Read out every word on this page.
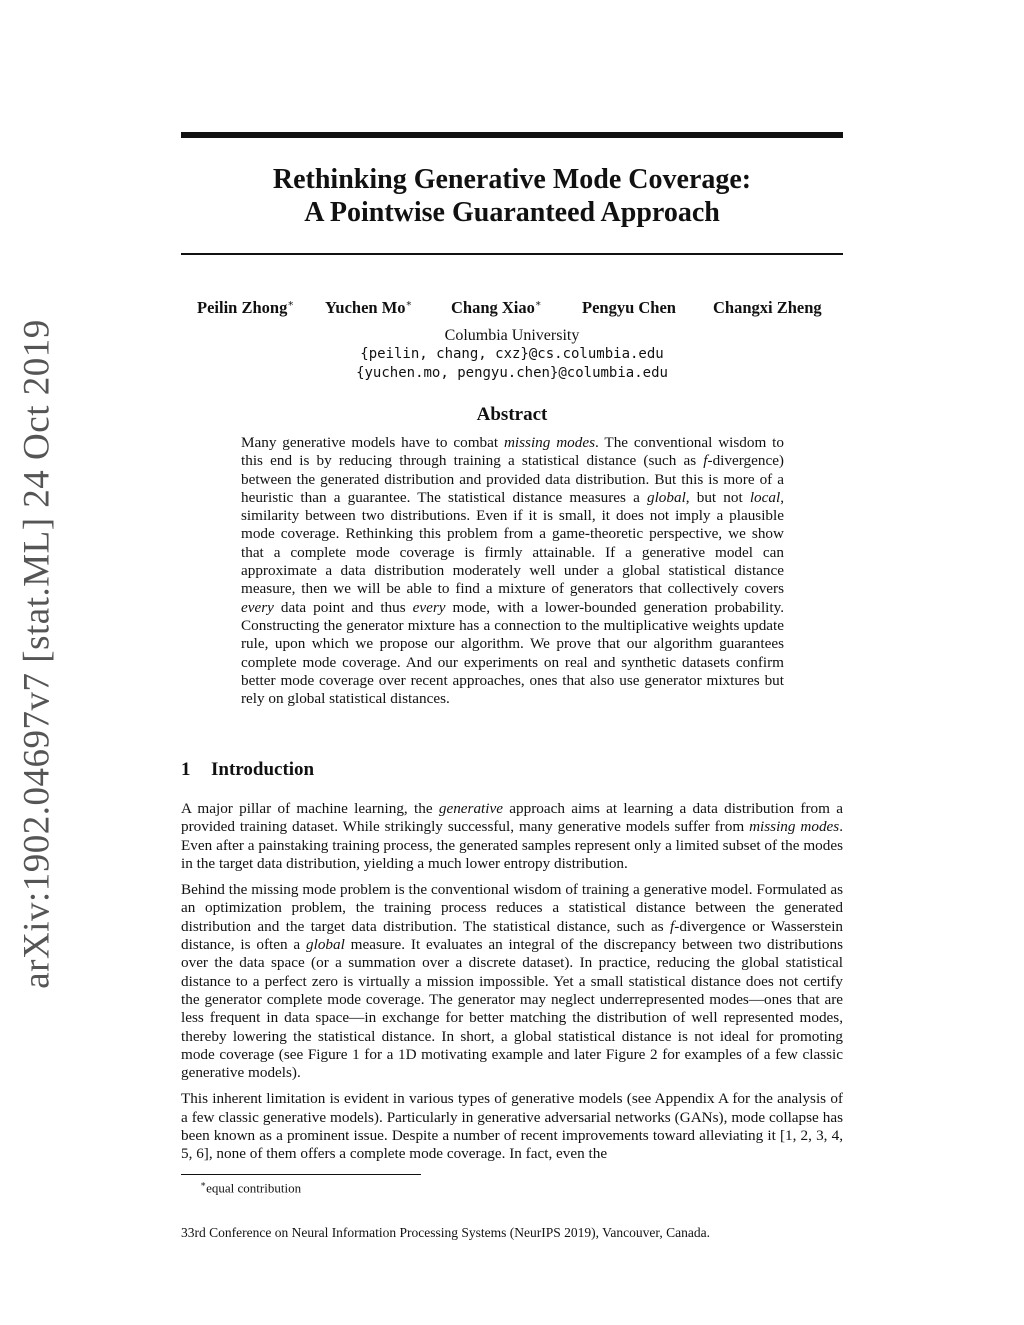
arXiv:1902.04697v7 [stat.ML] 24 Oct 2019
Rethinking Generative Mode Coverage:
A Pointwise Guaranteed Approach
Peilin Zhong∗ Yuchen Mo∗ Chang Xiao∗ Pengyu Chen Changxi Zheng
Columbia University
{peilin, chang, cxz}@cs.columbia.edu
{yuchen.mo, pengyu.chen}@columbia.edu
Abstract
Many generative models have to combat missing modes. The conventional wisdom to this end is by reducing through training a statistical distance (such as f-divergence) between the generated distribution and provided data distribution. But this is more of a heuristic than a guarantee. The statistical distance measures a global, but not local, similarity between two distributions. Even if it is small, it does not imply a plausible mode coverage. Rethinking this problem from a game-theoretic perspective, we show that a complete mode coverage is firmly attainable. If a generative model can approximate a data distribution moderately well under a global statistical distance measure, then we will be able to find a mixture of generators that collectively covers every data point and thus every mode, with a lower-bounded generation probability. Constructing the generator mixture has a connection to the multiplicative weights update rule, upon which we propose our algorithm. We prove that our algorithm guarantees complete mode coverage. And our experiments on real and synthetic datasets confirm better mode coverage over recent approaches, ones that also use generator mixtures but rely on global statistical distances.
1 Introduction

A major pillar of machine learning, the generative approach aims at learning a data distribution from a provided training dataset. While strikingly successful, many generative models suffer from missing modes. Even after a painstaking training process, the generated samples represent only a limited subset of the modes in the target data distribution, yielding a much lower entropy distribution.

Behind the missing mode problem is the conventional wisdom of training a generative model. Formulated as an optimization problem, the training process reduces a statistical distance between the generated distribution and the target data distribution. The statistical distance, such as f-divergence or Wasserstein distance, is often a global measure. It evaluates an integral of the discrepancy between two distributions over the data space (or a summation over a discrete dataset). In practice, reducing the global statistical distance to a perfect zero is virtually a mission impossible. Yet a small statistical distance does not certify the generator complete mode coverage. The generator may neglect underrepresented modes—ones that are less frequent in data space—in exchange for better matching the distribution of well represented modes, thereby lowering the statistical distance. In short, a global statistical distance is not ideal for promoting mode coverage (see Figure 1 for a 1D motivating example and later Figure 2 for examples of a few classic generative models).

This inherent limitation is evident in various types of generative models (see Appendix A for the analysis of a few classic generative models). Particularly in generative adversarial networks (GANs), mode collapse has been known as a prominent issue. Despite a number of recent improvements toward alleviating it [1, 2, 3, 4, 5, 6], none of them offers a complete mode coverage. In fact, even the

∗equal contribution
33rd Conference on Neural Information Processing Systems (NeurIPS 2019), Vancouver, Canada.
